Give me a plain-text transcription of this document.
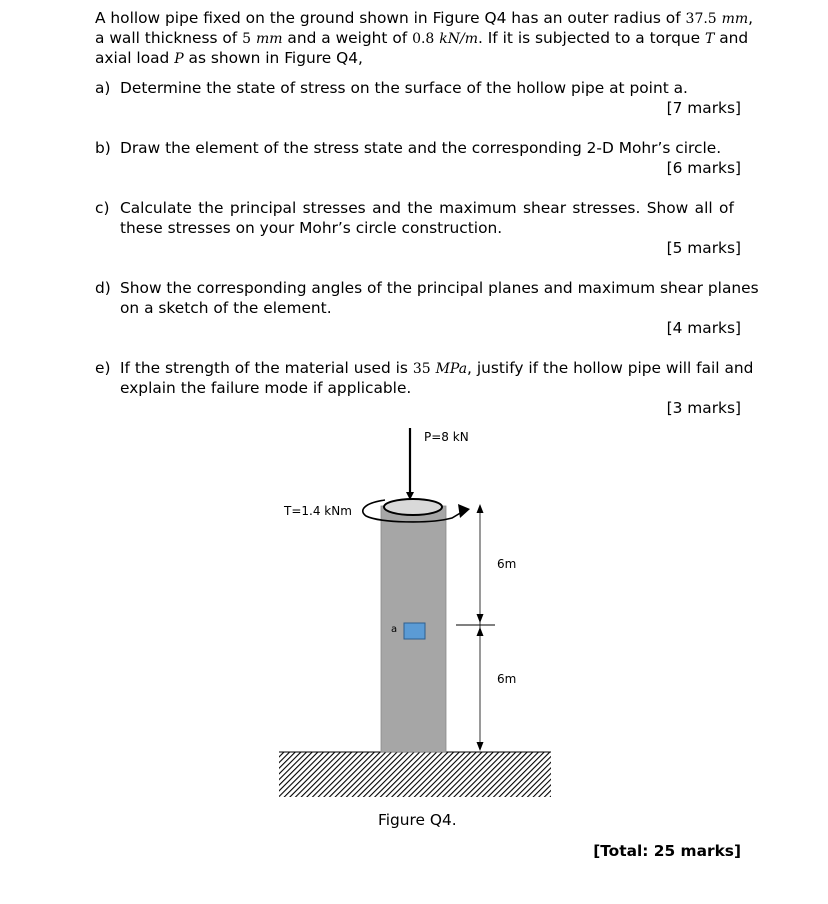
A hollow pipe fixed on the ground shown in Figure Q4 has an outer radius of 37.5 mm,
a wall thickness of 5 mm and a weight of 0.8 kN/m. If it is subjected to a torque T and
axial load P as shown in Figure Q4,
a) Determine the state of stress on the surface of the hollow pipe at point a.
[7 marks]
b) Draw the element of the stress state and the corresponding 2-D Mohr’s circle.
[6 marks]
c) Calculate the principal stresses and the maximum shear stresses. Show all of
these stresses on your Mohr’s circle construction.
[5 marks]
d) Show the corresponding angles of the principal planes and maximum shear planes
on a sketch of the element.
[4 marks]
e) If the strength of the material used is 35 MPa, justify if the hollow pipe will fail and
explain the failure mode if applicable.
[3 marks]
P=8 kN
T=1.4 kNm
6m
6m
a
Figure Q4.
[Total: 25 marks]
